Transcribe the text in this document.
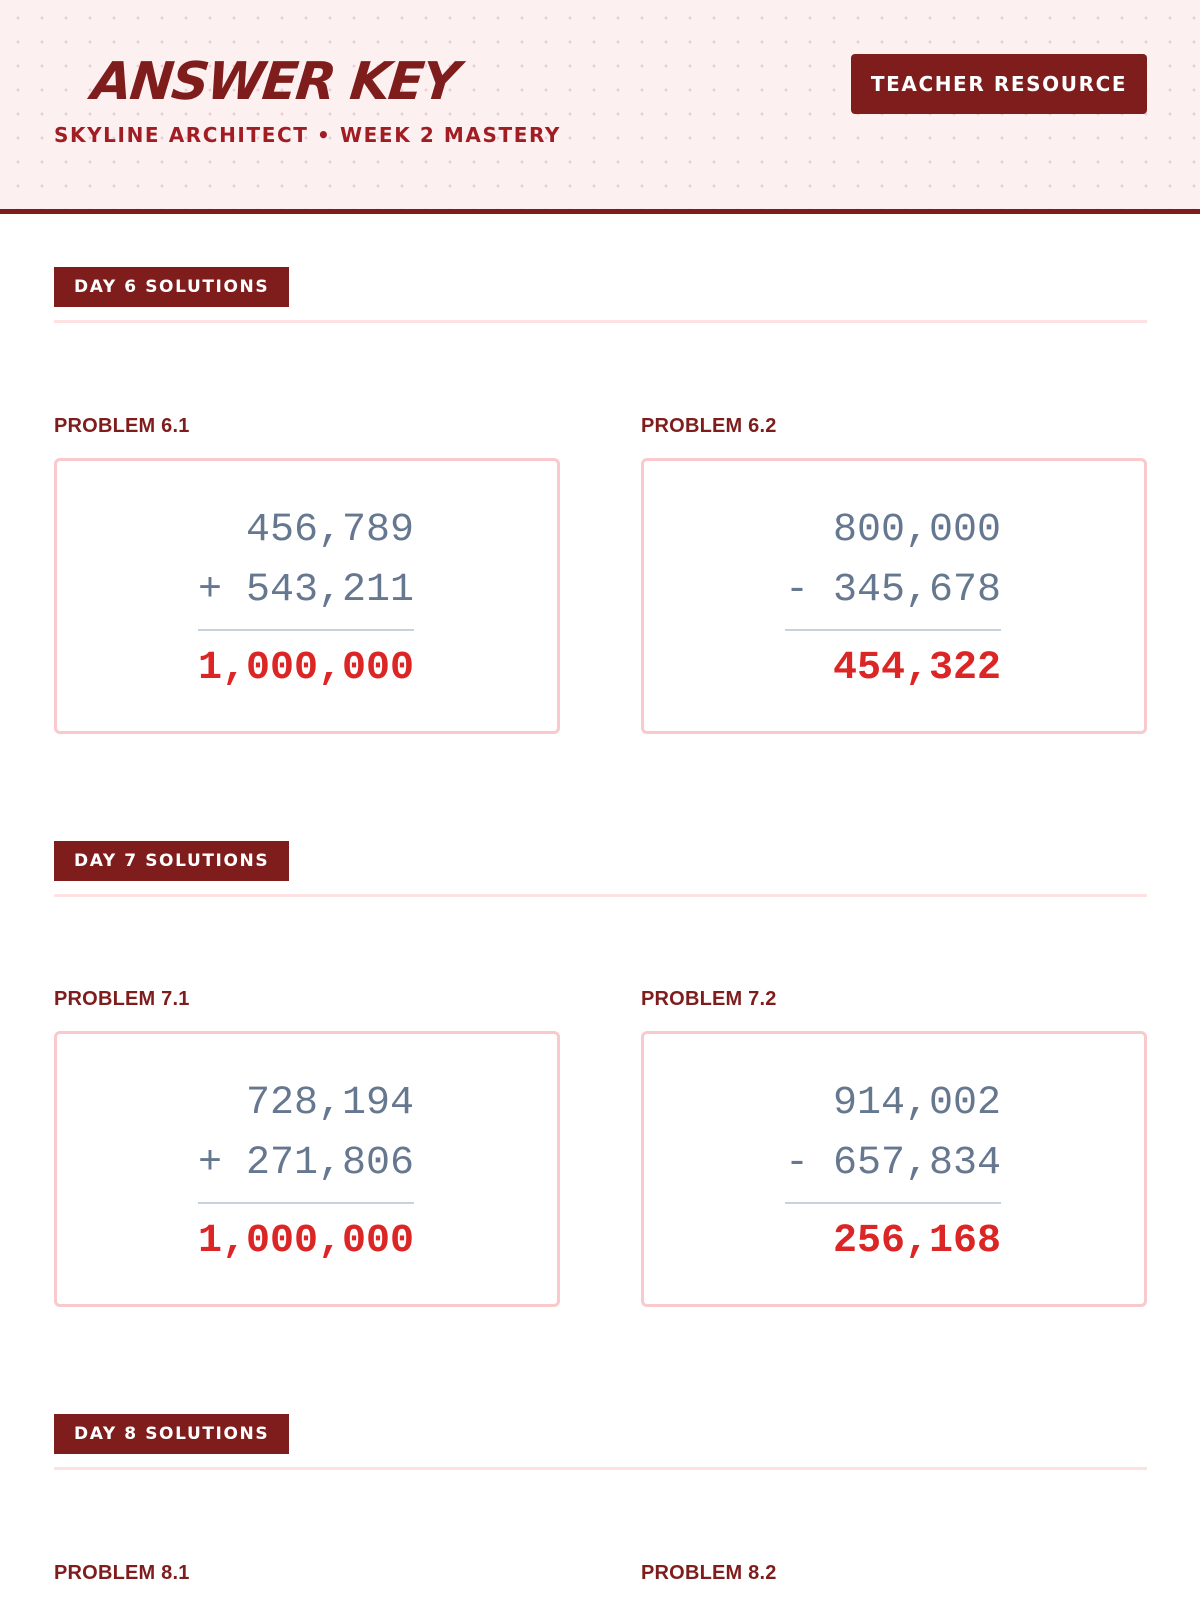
ANSWER KEY
SKYLINE ARCHITECT • WEEK 2 MASTERY
TEACHER RESOURCE
DAY 6 SOLUTIONS
PROBLEM 6.1
456,789
+ 543,211
1,000,000
PROBLEM 6.2
800,000
- 345,678
454,322
DAY 7 SOLUTIONS
PROBLEM 7.1
728,194
+ 271,806
1,000,000
PROBLEM 7.2
914,002
- 657,834
256,168
DAY 8 SOLUTIONS
PROBLEM 8.1	PROBLEM 8.2
